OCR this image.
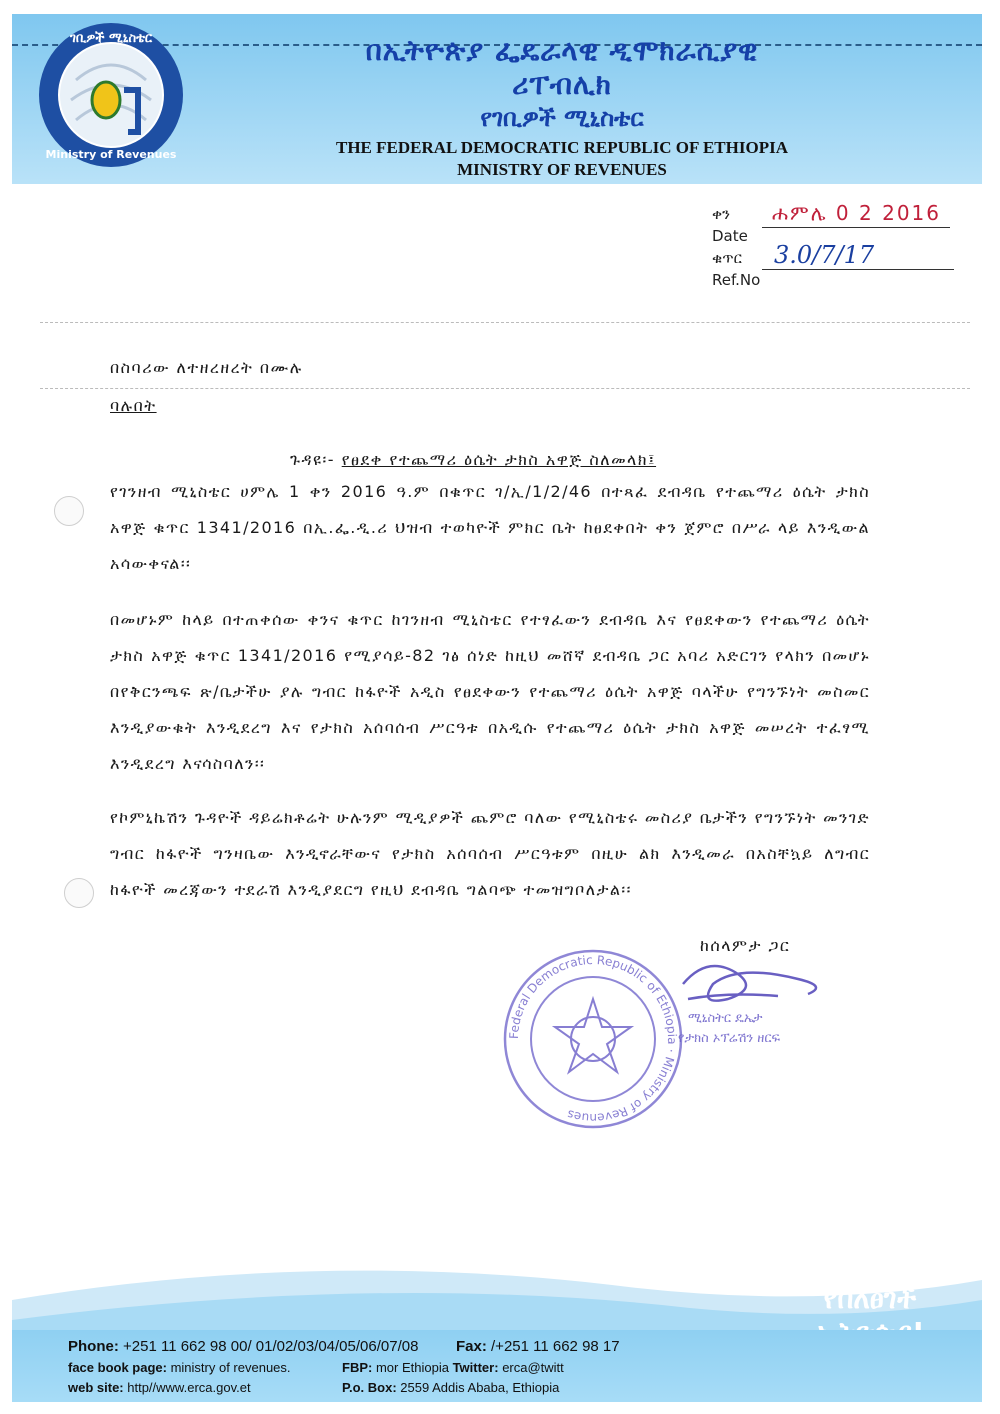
በኢትዮጵያ ፌዴራላዊ ዲሞክራሲያዊ ሪፐብሊክ
የገቢዎች ሚኒስቴር
THE FEDERAL DEMOCRATIC REPUBLIC OF ETHIOPIA
MINISTRY OF REVENUES
ገቢዎች ሚኒስቴር
Ministry of Revenues
ቀን ሐምሌ 0 2 2016
Date
ቁጥር 3.0/7/17
Ref.No
በስባሪው ለተዘረዘረት በሙሉ
ባሉበት
ጉዳዩ፡- የፀደቀ የተጨማሪ ዕሴት ታክስ አዋጅ ስለመላክ፤
የገንዘብ ሚኒስቴር ሀምሌ 1 ቀን 2016 ዓ.ም በቁጥር ገ/ኢ/1/2/46 በተጻፈ ደብዳቤ የተጨማሪ ዕሴት ታክስ አዋጅ ቁጥር 1341/2016 በኢ.ፌ.ዲ.ሪ ህዝብ ተወካዮች ምክር ቤት ከፀደቀበት ቀን ጀምሮ በሥራ ላይ እንዲውል አሳውቀናል፡፡
በመሆኑም ከላይ በተጠቀሰው ቀንና ቁጥር ከገንዘብ ሚኒስቴር የተፃፈውን ደብዳቤ እና የፀደቀውን የተጨማሪ ዕሴት ታክስ አዋጅ ቁጥር 1341/2016 የሚያሳይ-82 ገፅ ሰነድ ከዚህ መሸኛ ደብዳቤ ጋር አባሪ አድርገን የላክን በመሆኑ በየቅርንጫፍ ጽ/ቤታችሁ ያሉ ግብር ከፋዮች አዲስ የፀደቀውን የተጨማሪ ዕሴት አዋጅ ባላችሁ የግንኙነት መስመር እንዲያውቁት እንዲደረግ እና የታክስ አሰባሰብ ሥርዓቱ በአዲሱ የተጨማሪ ዕሴት ታክስ አዋጅ መሠረት ተፈፃሚ እንዲደረግ እናሳስባለን፡፡
የኮምኒኬሽን ጉዳዮች ዳይሬክቶሬት ሁሉንም ሚዲያዎች ጨምሮ ባለው የሚኒስቴሩ መስሪያ ቤታችን የግንኙነት መንገድ ግብር ከፋዮች ግንዛቤው እንዲኖራቸውና የታክስ አሰባሰብ ሥርዓቱም በዚሁ ልክ እንዲመራ በአስቸኳይ ለግብር ከፋዮች መረጃውን ተደራሽ እንዲያደርግ የዚህ ደብዳቤ ግልባጭ ተመዝግቦለታል፡፡
ከሰላምታ ጋር
Federal Democratic Republic of Ethiopia · Ministry of Revenues
ሚኒስትር ዴኤታ
የታክስ ኦፕሬሽን ዘርፍ
የበለፀገች
Phone: +251 11 662 98 00/ 01/02/03/04/05/06/07/08	Fax: /+251 11 662 98 17
face book page: ministry of revenues.	FBP: mor Ethiopia Twitter: erca@twitt
web site: http//www.erca.gov.et	P.o. Box: 2559 Addis Ababa, Ethiopia
